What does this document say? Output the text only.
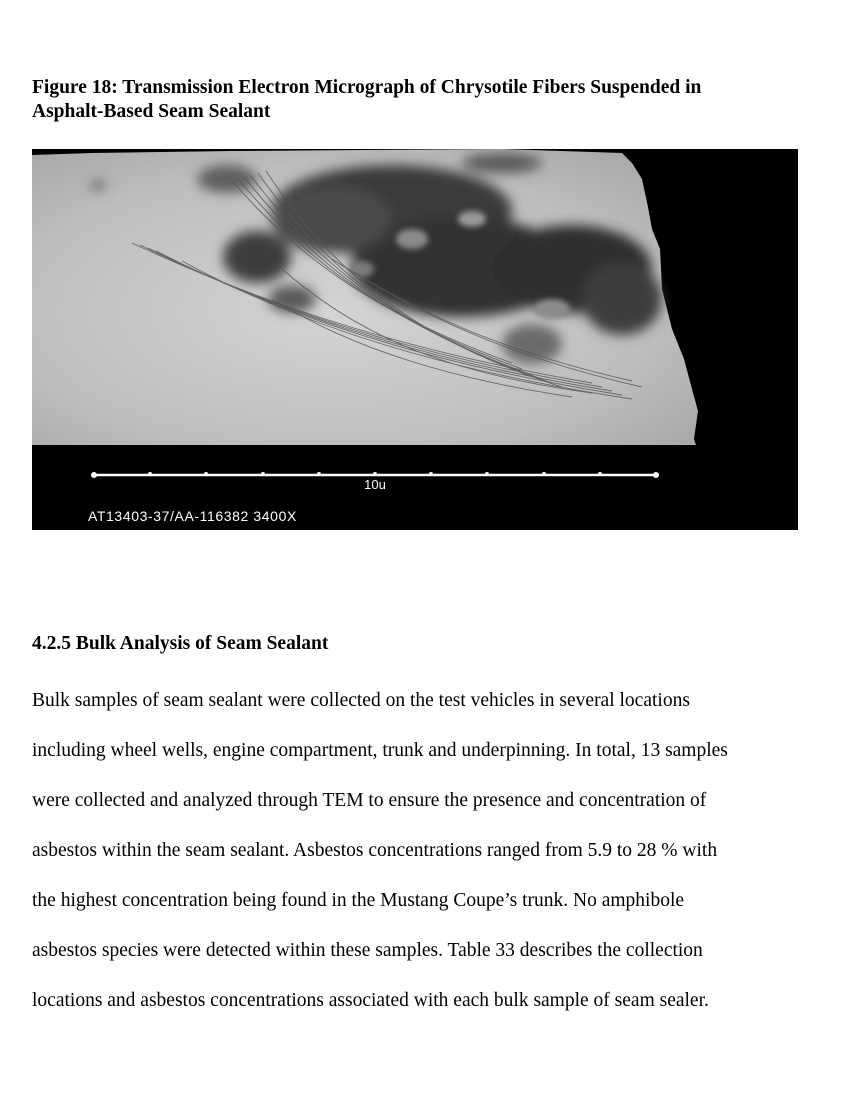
Figure 18: Transmission Electron Micrograph of Chrysotile Fibers Suspended in
Asphalt-Based Seam Sealant

10u
AT13403-37/AA-116382 3400X
4.2.5 Bulk Analysis of Seam Sealant

Bulk samples of seam sealant were collected on the test vehicles in several locations
including wheel wells, engine compartment, trunk and underpinning. In total, 13 samples
were collected and analyzed through TEM to ensure the presence and concentration of
asbestos within the seam sealant. Asbestos concentrations ranged from 5.9 to 28 % with
the highest concentration being found in the Mustang Coupe’s trunk. No amphibole
asbestos species were detected within these samples. Table 33 describes the collection
locations and asbestos concentrations associated with each bulk sample of seam sealer.
